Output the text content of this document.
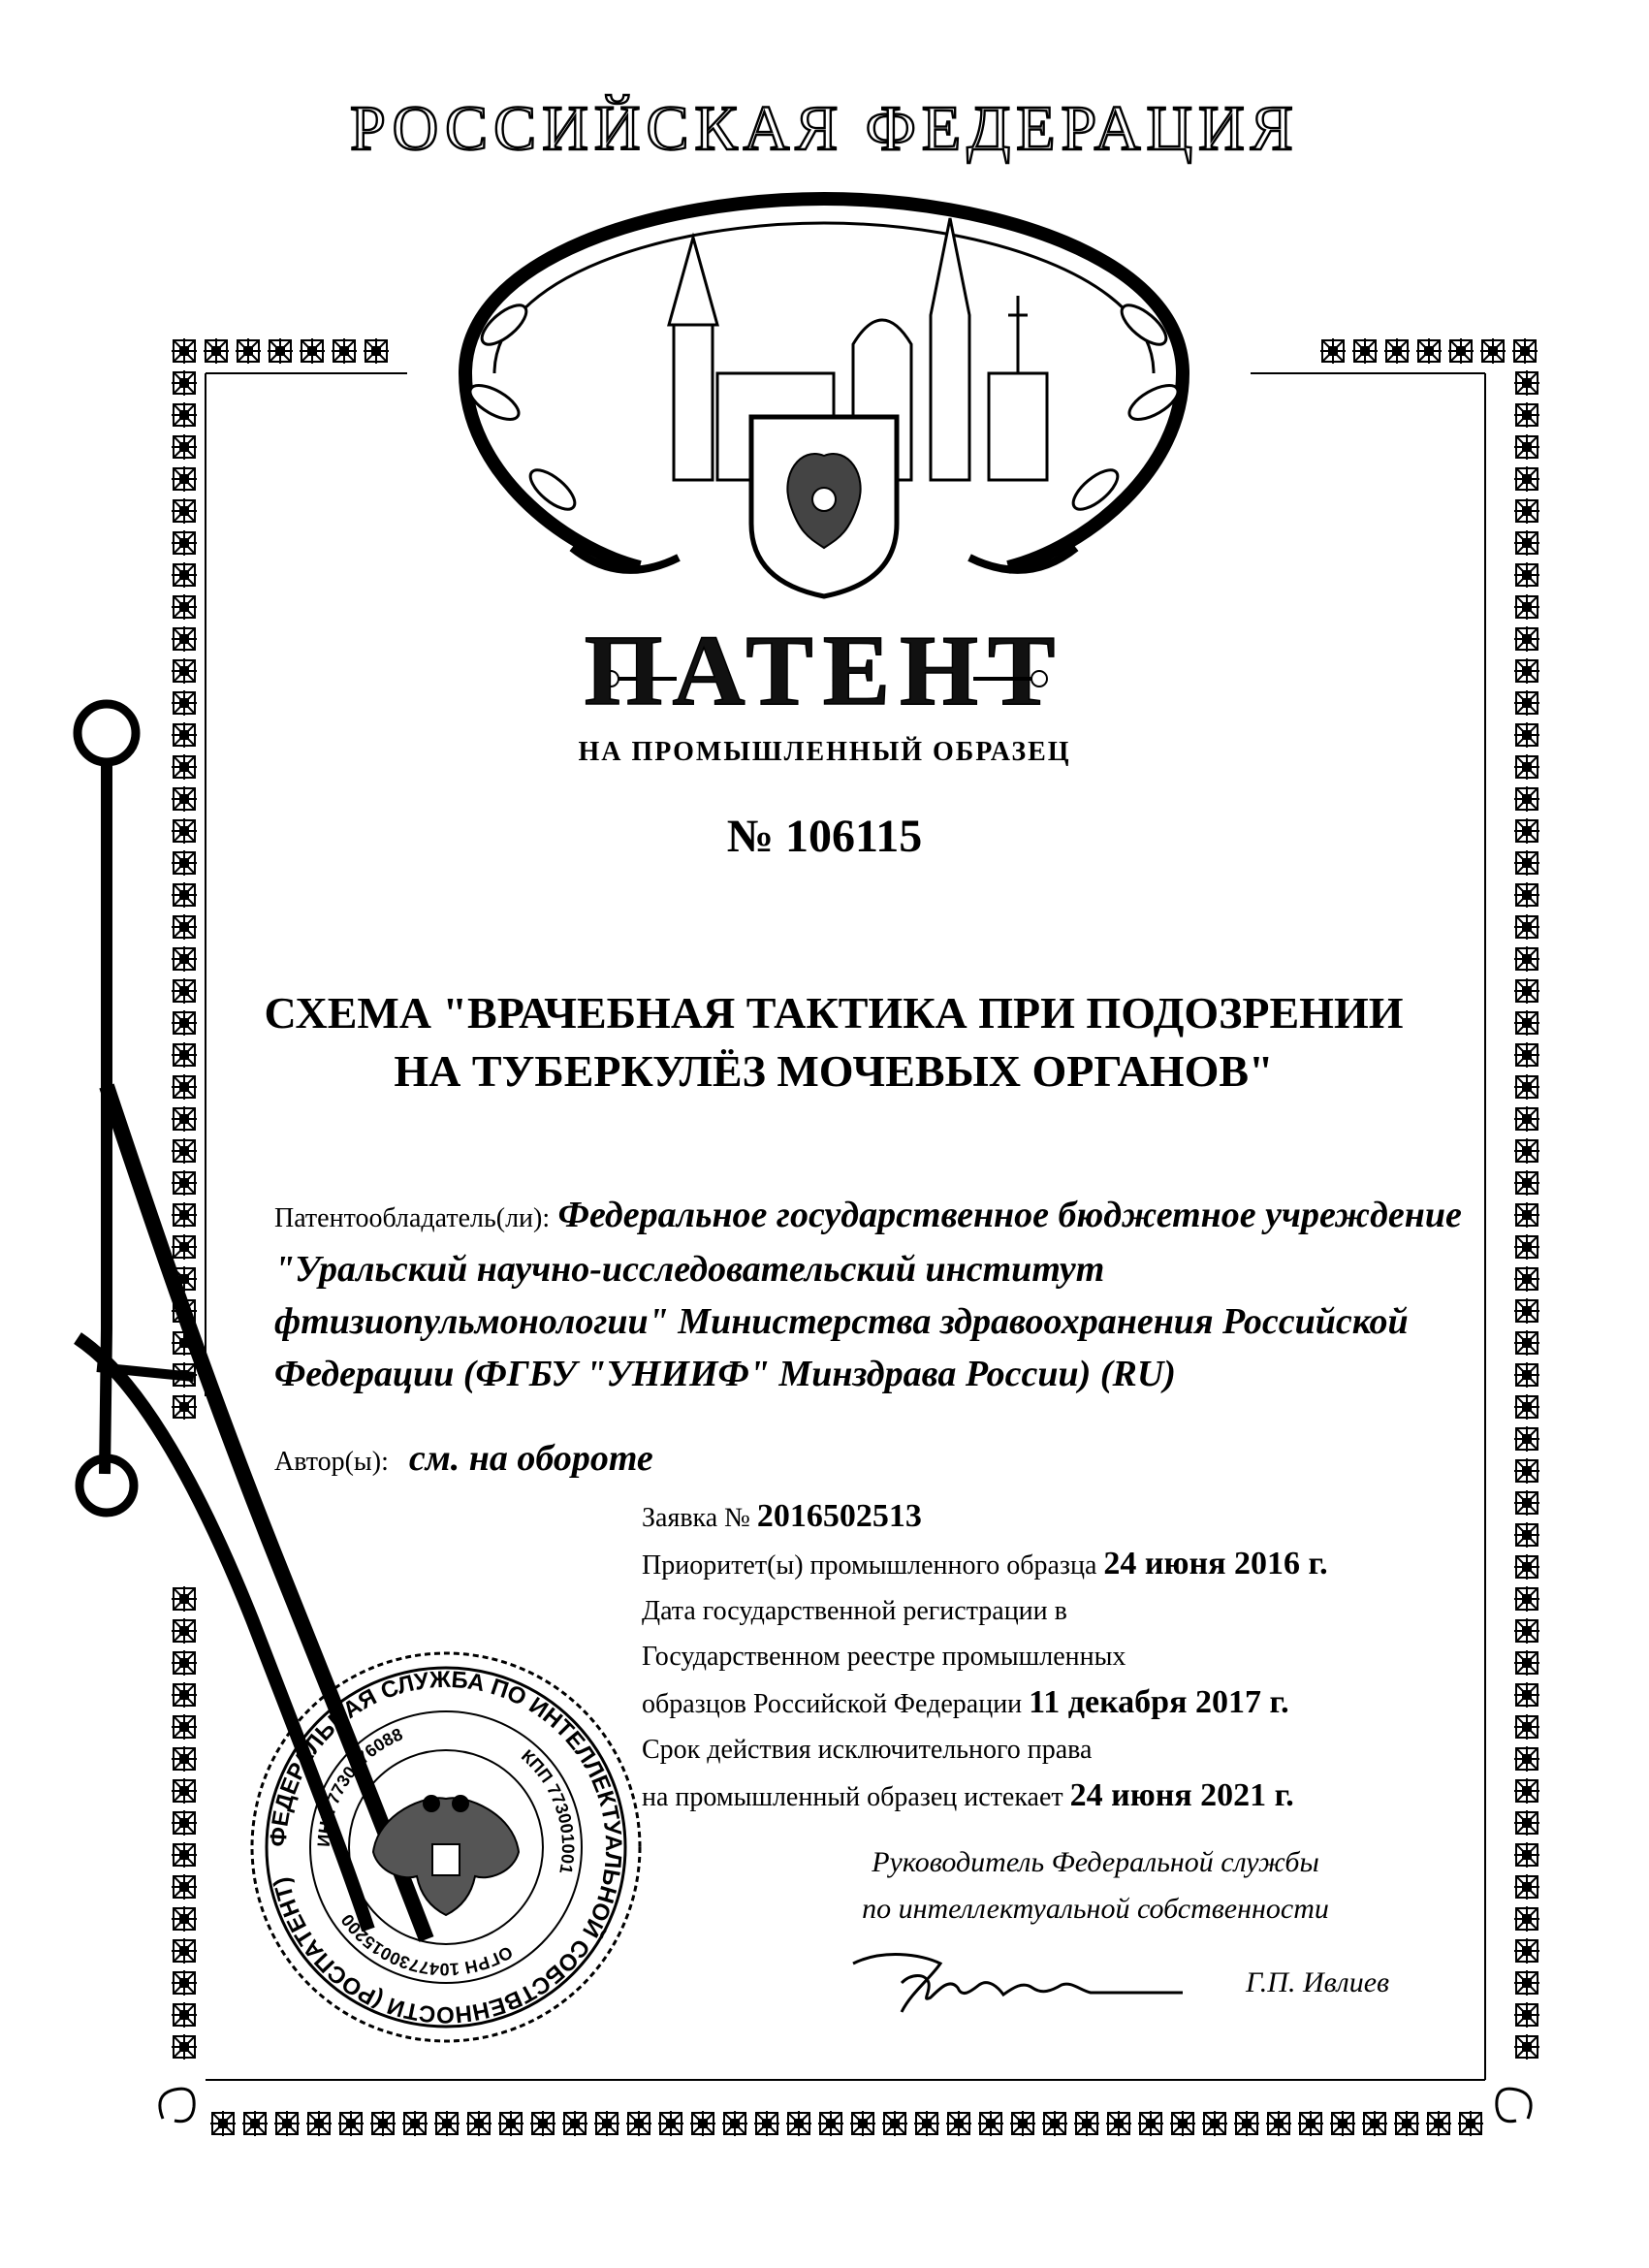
РОССИЙСКАЯ ФЕДЕРАЦИЯ
ПАТЕНТ
НА ПРОМЫШЛЕННЫЙ ОБРАЗЕЦ
№ 106115
СХЕМА "ВРАЧЕБНАЯ ТАКТИКА ПРИ ПОДОЗРЕНИИ
НА ТУБЕРКУЛЁЗ МОЧЕВЫХ ОРГАНОВ"
Патентообладатель(ли): Федеральное государственное бюджетное учреждение "Уральский научно-исследовательский институт фтизиопульмонологии" Министерства здравоохранения Российской Федерации (ФГБУ "УНИИФ" Минздрава России) (RU)
Автор(ы): см. на обороте
Заявка № 2016502513
Приоритет(ы) промышленного образца 24 июня 2016 г.
Дата государственной регистрации в
Государственном реестре промышленных
образцов Российской Федерации 11 декабря 2017 г.
Срок действия исключительного права
на промышленный образец истекает 24 июня 2021 г.
ФЕДЕРАЛЬНАЯ СЛУЖБА ПО ИНТЕЛЛЕКТУАЛЬНОЙ СОБСТВЕННОСТИ (РОСПАТЕНТ)
ИНН 7730176088
КПП 773001001
ОГРН 1047730015200
Руководитель Федеральной службы
по интеллектуальной собственности
Г.П. Ивлиев
